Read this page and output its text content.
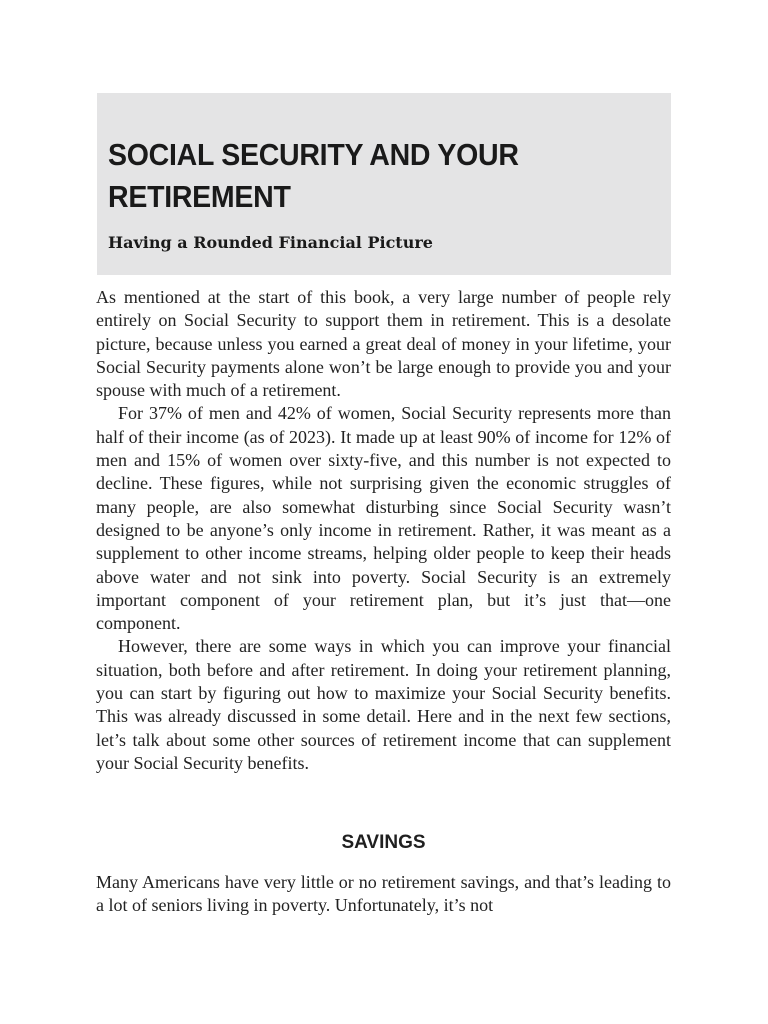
SOCIAL SECURITY AND YOUR RETIREMENT
Having a Rounded Financial Picture

As mentioned at the start of this book, a very large number of people rely entirely on Social Security to support them in retirement. This is a desolate picture, because unless you earned a great deal of money in your lifetime, your Social Security payments alone won’t be large enough to provide you and your spouse with much of a retirement.

For 37% of men and 42% of women, Social Security represents more than half of their income (as of 2023). It made up at least 90% of income for 12% of men and 15% of women over sixty-five, and this number is not expected to decline. These figures, while not surprising given the economic struggles of many people, are also somewhat disturbing since Social Security wasn’t designed to be anyone’s only income in retirement. Rather, it was meant as a supplement to other income streams, helping older people to keep their heads above water and not sink into poverty. Social Security is an extremely important component of your retirement plan, but it’s just that—one component.

However, there are some ways in which you can improve your financial situation, both before and after retirement. In doing your retirement planning, you can start by figuring out how to maximize your Social Security benefits. This was already discussed in some detail. Here and in the next few sections, let’s talk about some other sources of retirement income that can supplement your Social Security benefits.

SAVINGS

Many Americans have very little or no retirement savings, and that’s leading to a lot of seniors living in poverty. Unfortunately, it’s not
